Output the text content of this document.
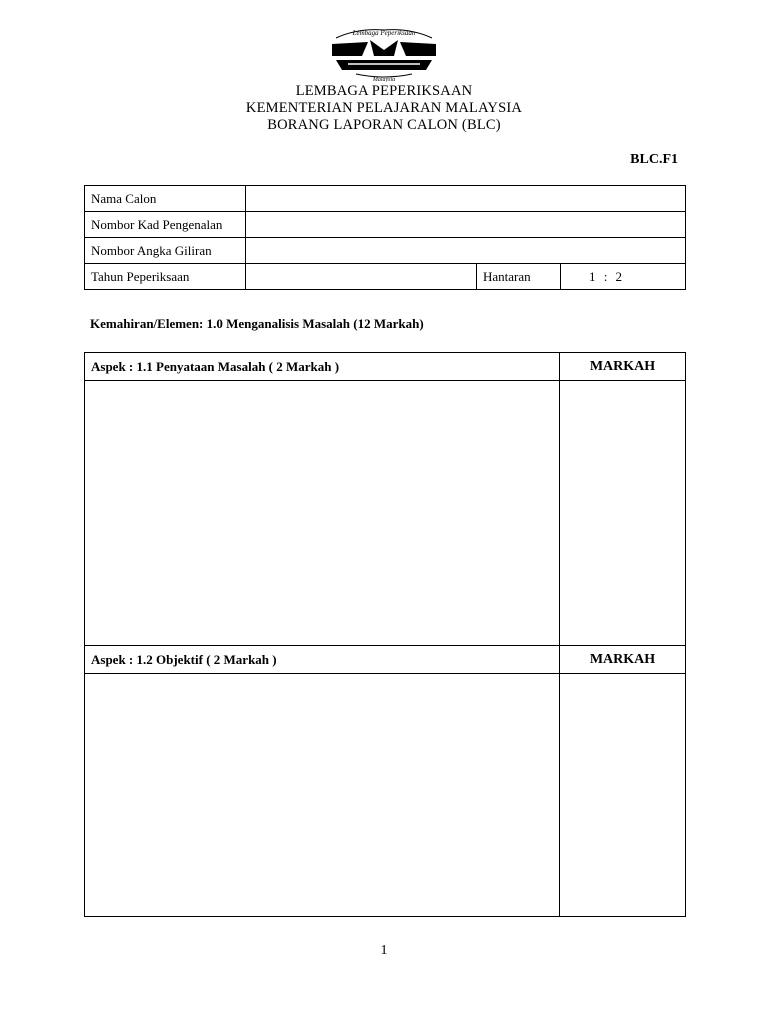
Lembaga Peperiksaan
Malaysia
LEMBAGA PEPERIKSAAN
KEMENTERIAN PELAJARAN MALAYSIA
BORANG LAPORAN CALON (BLC)
BLC.F1
Nama Calon			
Nombor Kad Pengenalan			
Nombor Angka Giliran			
Tahun Peperiksaan		Hantaran	1 : 2
Kemahiran/Elemen: 1.0 Menganalisis Masalah (12 Markah)
Aspek : 1.1 Penyataan Masalah ( 2 Markah )	MARKAH

Aspek : 1.2 Objektif ( 2 Markah )	MARKAH

1
